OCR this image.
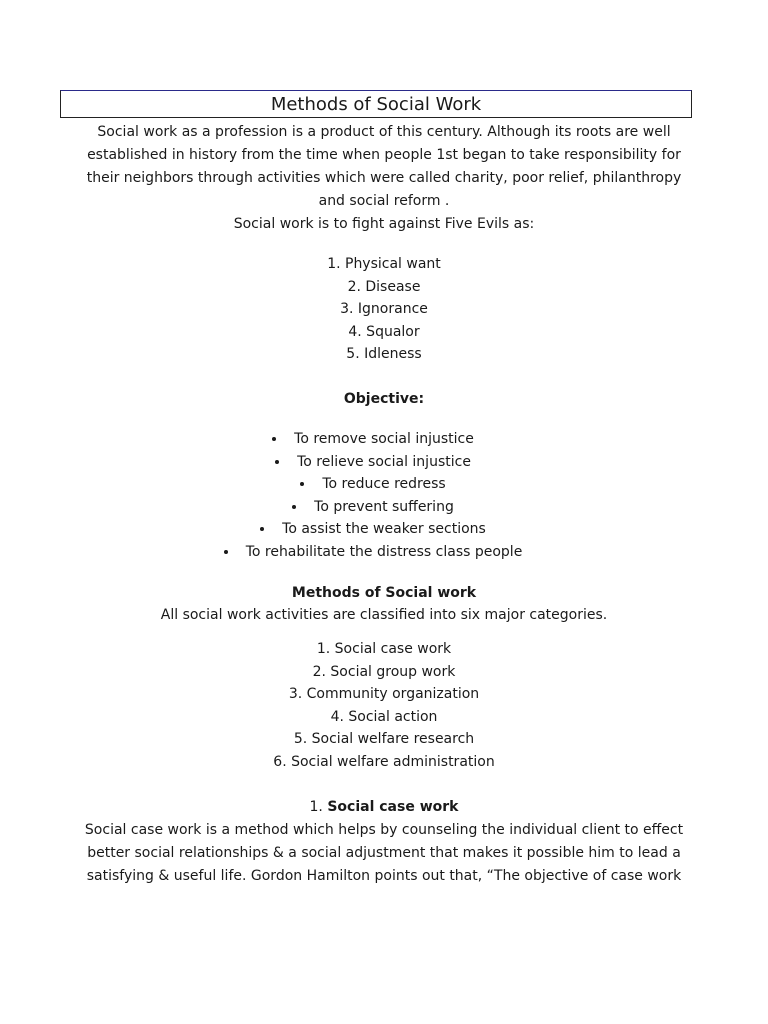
Methods of Social Work

Social work as a profession is a product of this century. Although its roots are well

established in history from the time when people 1st began to take responsibility for

their neighbors through activities which were called charity, poor relief, philanthropy

and social reform .

Social work is to fight against Five Evils as:

1. Physical want

2. Disease

3. Ignorance

4. Squalor

5. Idleness

Objective:

To remove social injustice

To relieve social injustice

To reduce redress

To prevent suffering

To assist the weaker sections

To rehabilitate the distress class people

Methods of Social work
All social work activities are classified into six major categories.

1. Social case work

2. Social group work

3. Community organization

4. Social action

5. Social welfare research

6. Social welfare administration

1. Social case work

Social case work is a method which helps by counseling the individual client to effect

better social relationships & a social adjustment that makes it possible him to lead a

satisfying & useful life. Gordon Hamilton points out that, “The objective of case work
